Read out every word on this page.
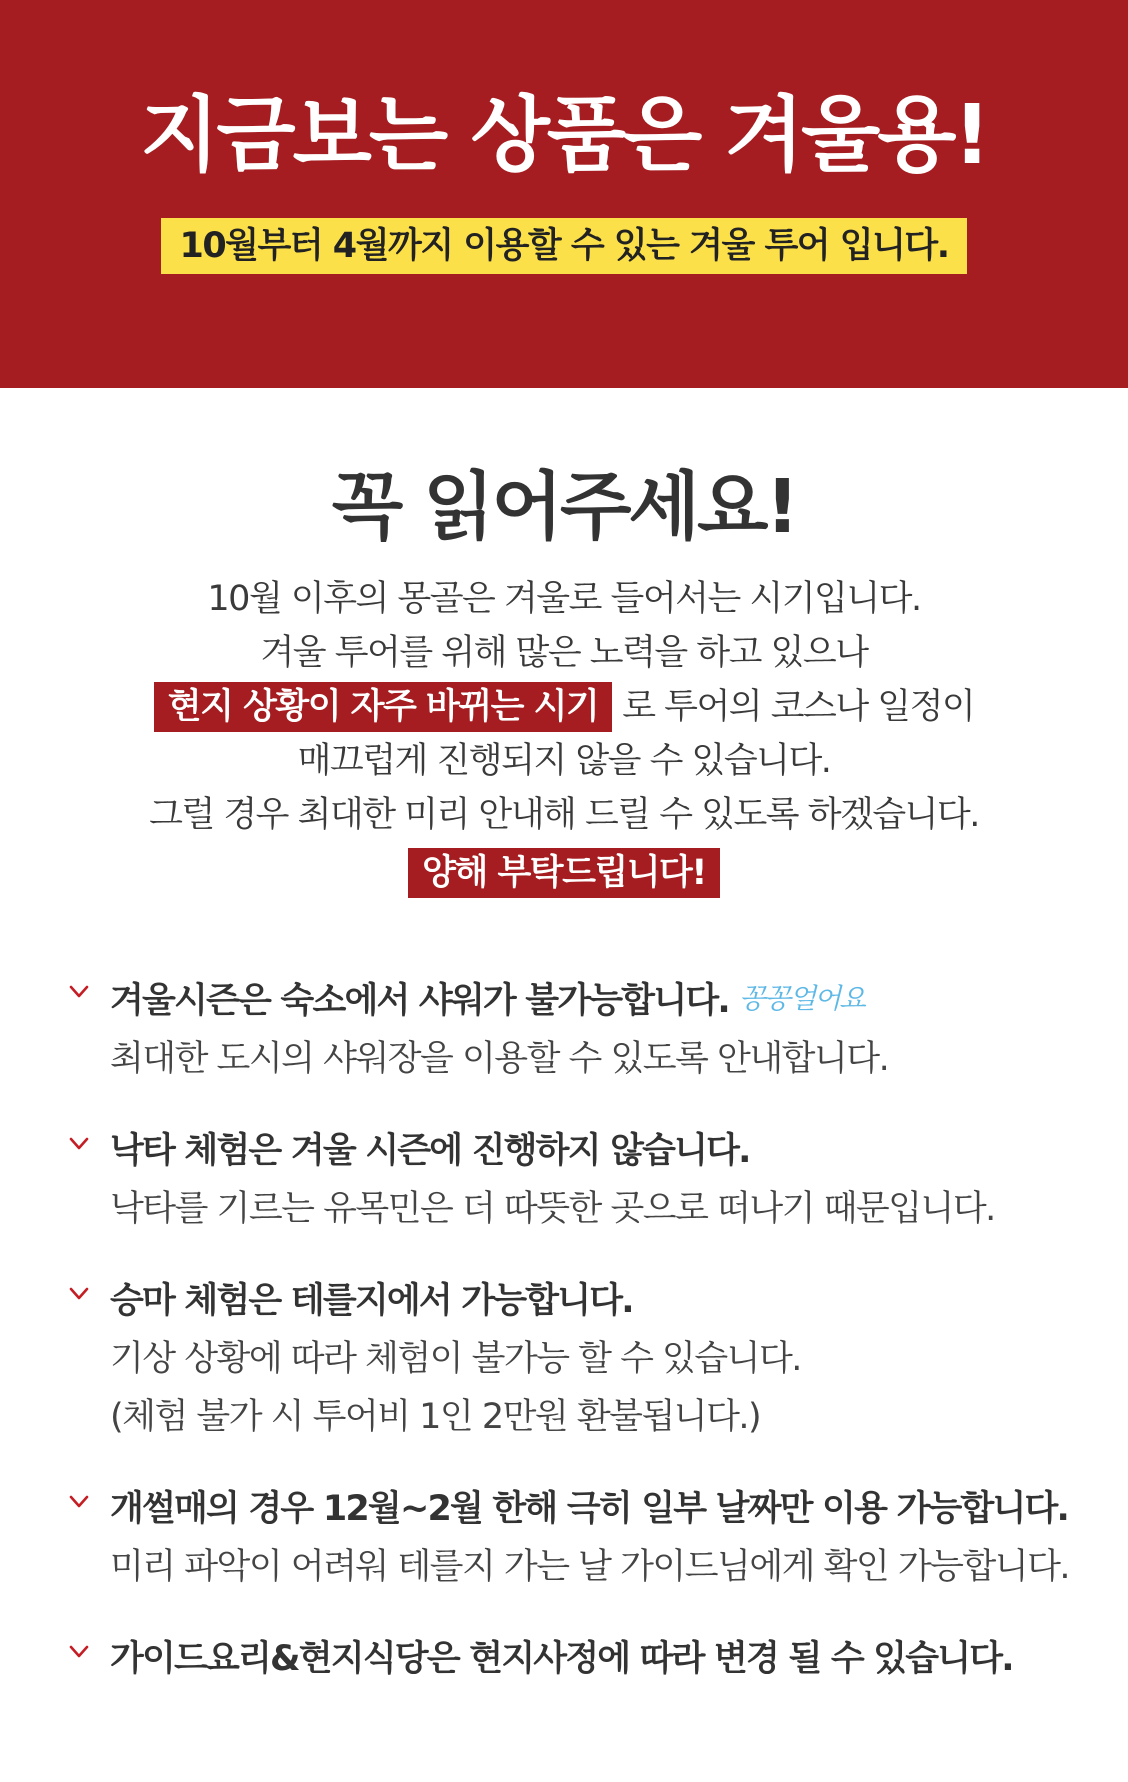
지금보는 상품은 겨울용!
10월부터 4월까지 이용할 수 있는 겨울 투어 입니다.
꼭 읽어주세요!
10월 이후의 몽골은 겨울로 들어서는 시기입니다.
겨울 투어를 위해 많은 노력을 하고 있으나
현지 상황이 자주 바뀌는 시기 로 투어의 코스나 일정이
매끄럽게 진행되지 않을 수 있습니다.
그럴 경우 최대한 미리 안내해 드릴 수 있도록 하겠습니다.
양해 부탁드립니다!
겨울시즌은 숙소에서 샤워가 불가능합니다. 꽁꽁얼어요
최대한 도시의 샤워장을 이용할 수 있도록 안내합니다.
낙타 체험은 겨울 시즌에 진행하지 않습니다.
낙타를 기르는 유목민은 더 따뜻한 곳으로 떠나기 때문입니다.
승마 체험은 테를지에서 가능합니다.
기상 상황에 따라 체험이 불가능 할 수 있습니다.
(체험 불가 시 투어비 1인 2만원 환불됩니다.)
개썰매의 경우 12월~2월 한해 극히 일부 날짜만 이용 가능합니다.
미리 파악이 어려워 테를지 가는 날 가이드님에게 확인 가능합니다.
가이드요리&현지식당은 현지사정에 따라 변경 될 수 있습니다.
